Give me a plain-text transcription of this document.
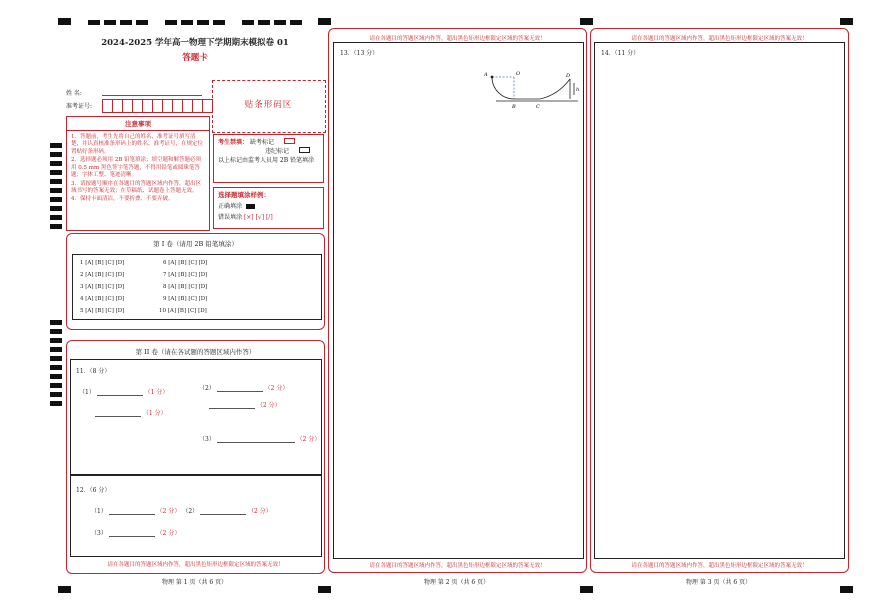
2024-2025 学年高一物理下学期期末模拟卷 01
答题卡
姓 名:
准考证号:	贴条形码区
注意事项
1．答题前，考生先将自己的姓名、准考证号填写清楚，并认真核准条形码上的姓名、准考证号，在规定位置贴好条形码。
2．选择题必须用 2B 铅笔填涂；填空题和解答题必须用 0.5 mm 黑色签字笔答题，不得用铅笔或圆珠笔答题；字体工整、笔迹清晰。
3．请按题号顺序在各题目的答题区域内作答，超出区域书写的答案无效；在草稿纸、试题卷上答题无效。
4．保持卡面清洁，不要折叠、不要弄破。
考生禁填： 缺考标记
违纪标记
以上标记由监考人员用 2B 铅笔填涂
选择题填涂样例：
正确填涂
错误填涂 [×] [√] [/]
第 I 卷（请用 2B 铅笔填涂）
1 [A] [B] [C] [D]
2 [A] [B] [C] [D]
3 [A] [B] [C] [D]
4 [A] [B] [C] [D]
5 [A] [B] [C] [D]
6 [A] [B] [C] [D]
7 [A] [B] [C] [D]
8 [A] [B] [C] [D]
9 [A] [B] [C] [D]
10 [A] [B] [C] [D]
第 II 卷（请在各试题的答题区域内作答）
11．（8 分）
（1）	（1 分）
（1 分）
（2）	（2 分）
（2 分）
（3）	（2 分）
12．（6 分）
（1）	（2 分） （2）	（2 分）
（3）	（2 分）
请在各题目的答题区域内作答，超出黑色矩形边框限定区域的答案无效！
物理 第 1 页（共 6 页）
请在各题目的答题区域内作答，超出黑色矩形边框限定区域的答案无效！
13．（13 分）
A	O
B	C
D
h
请在各题目的答题区域内作答，超出黑色矩形边框限定区域的答案无效！
物理 第 2 页（共 6 页）
请在各题目的答题区域内作答，超出黑色矩形边框限定区域的答案无效！
14．（11 分）
请在各题目的答题区域内作答，超出黑色矩形边框限定区域的答案无效！
物理 第 3 页（共 6 页）
